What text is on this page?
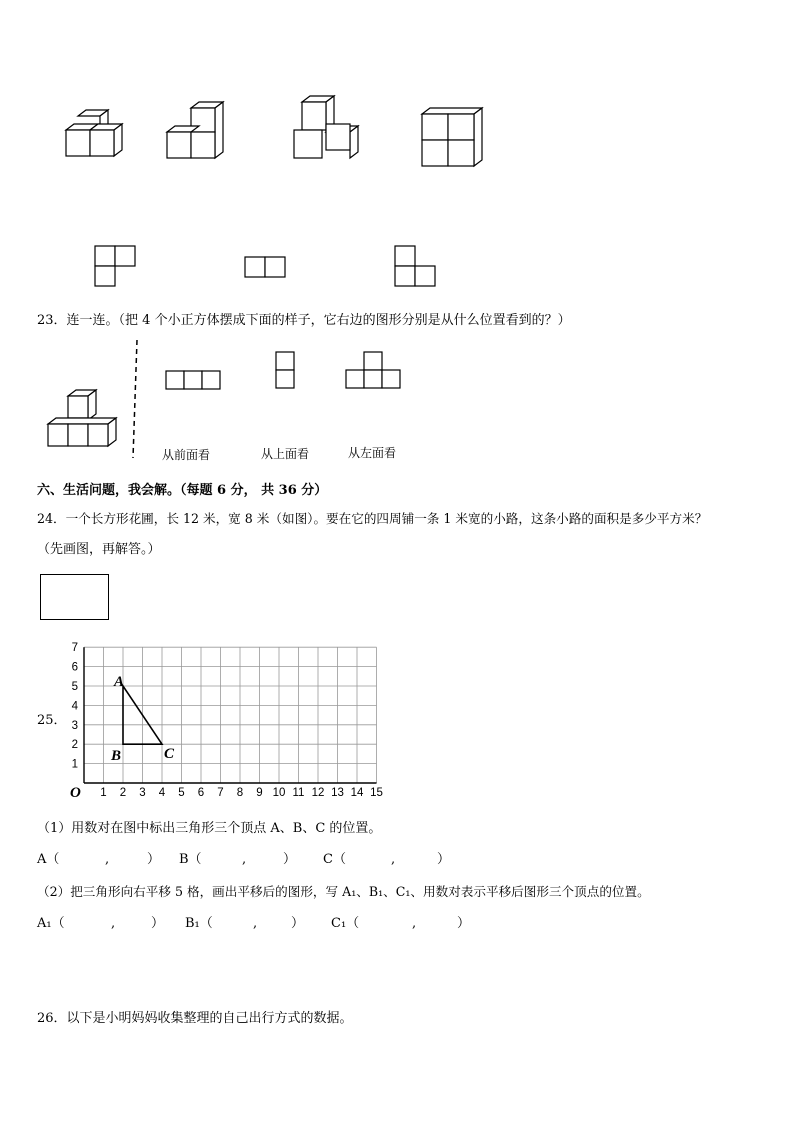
23．连一连。（把 4 个小正方体摆成下面的样子，它右边的图形分别是从什么位置看到的？）
从前面看	从上面看	从左面看
六、生活问题，我会解。（每题 6 分， 共 36 分）
24．一个长方形花圃，长 12 米，宽 8 米（如图）。要在它的四周铺一条 1 米宽的小路，这条小路的面积是多少平方米？
（先画图，再解答。）
25．
1 2 3 4 5 6 7 8 9 10 11 12 13 14 15
1
2
3
4
5
6
7
O
A
B	C
（1）用数对在图中标出三角形三个顶点 A、B、C 的位置。
A（	,	） B（	,	） C（	,	）
（2）把三角形向右平移 5 格，画出平移后的图形，写 A₁、B₁、C₁、用数对表示平移后图形三个顶点的位置。
A₁（	,	） B₁（	,	） C₁（	,	）
26．以下是小明妈妈收集整理的自己出行方式的数据。
